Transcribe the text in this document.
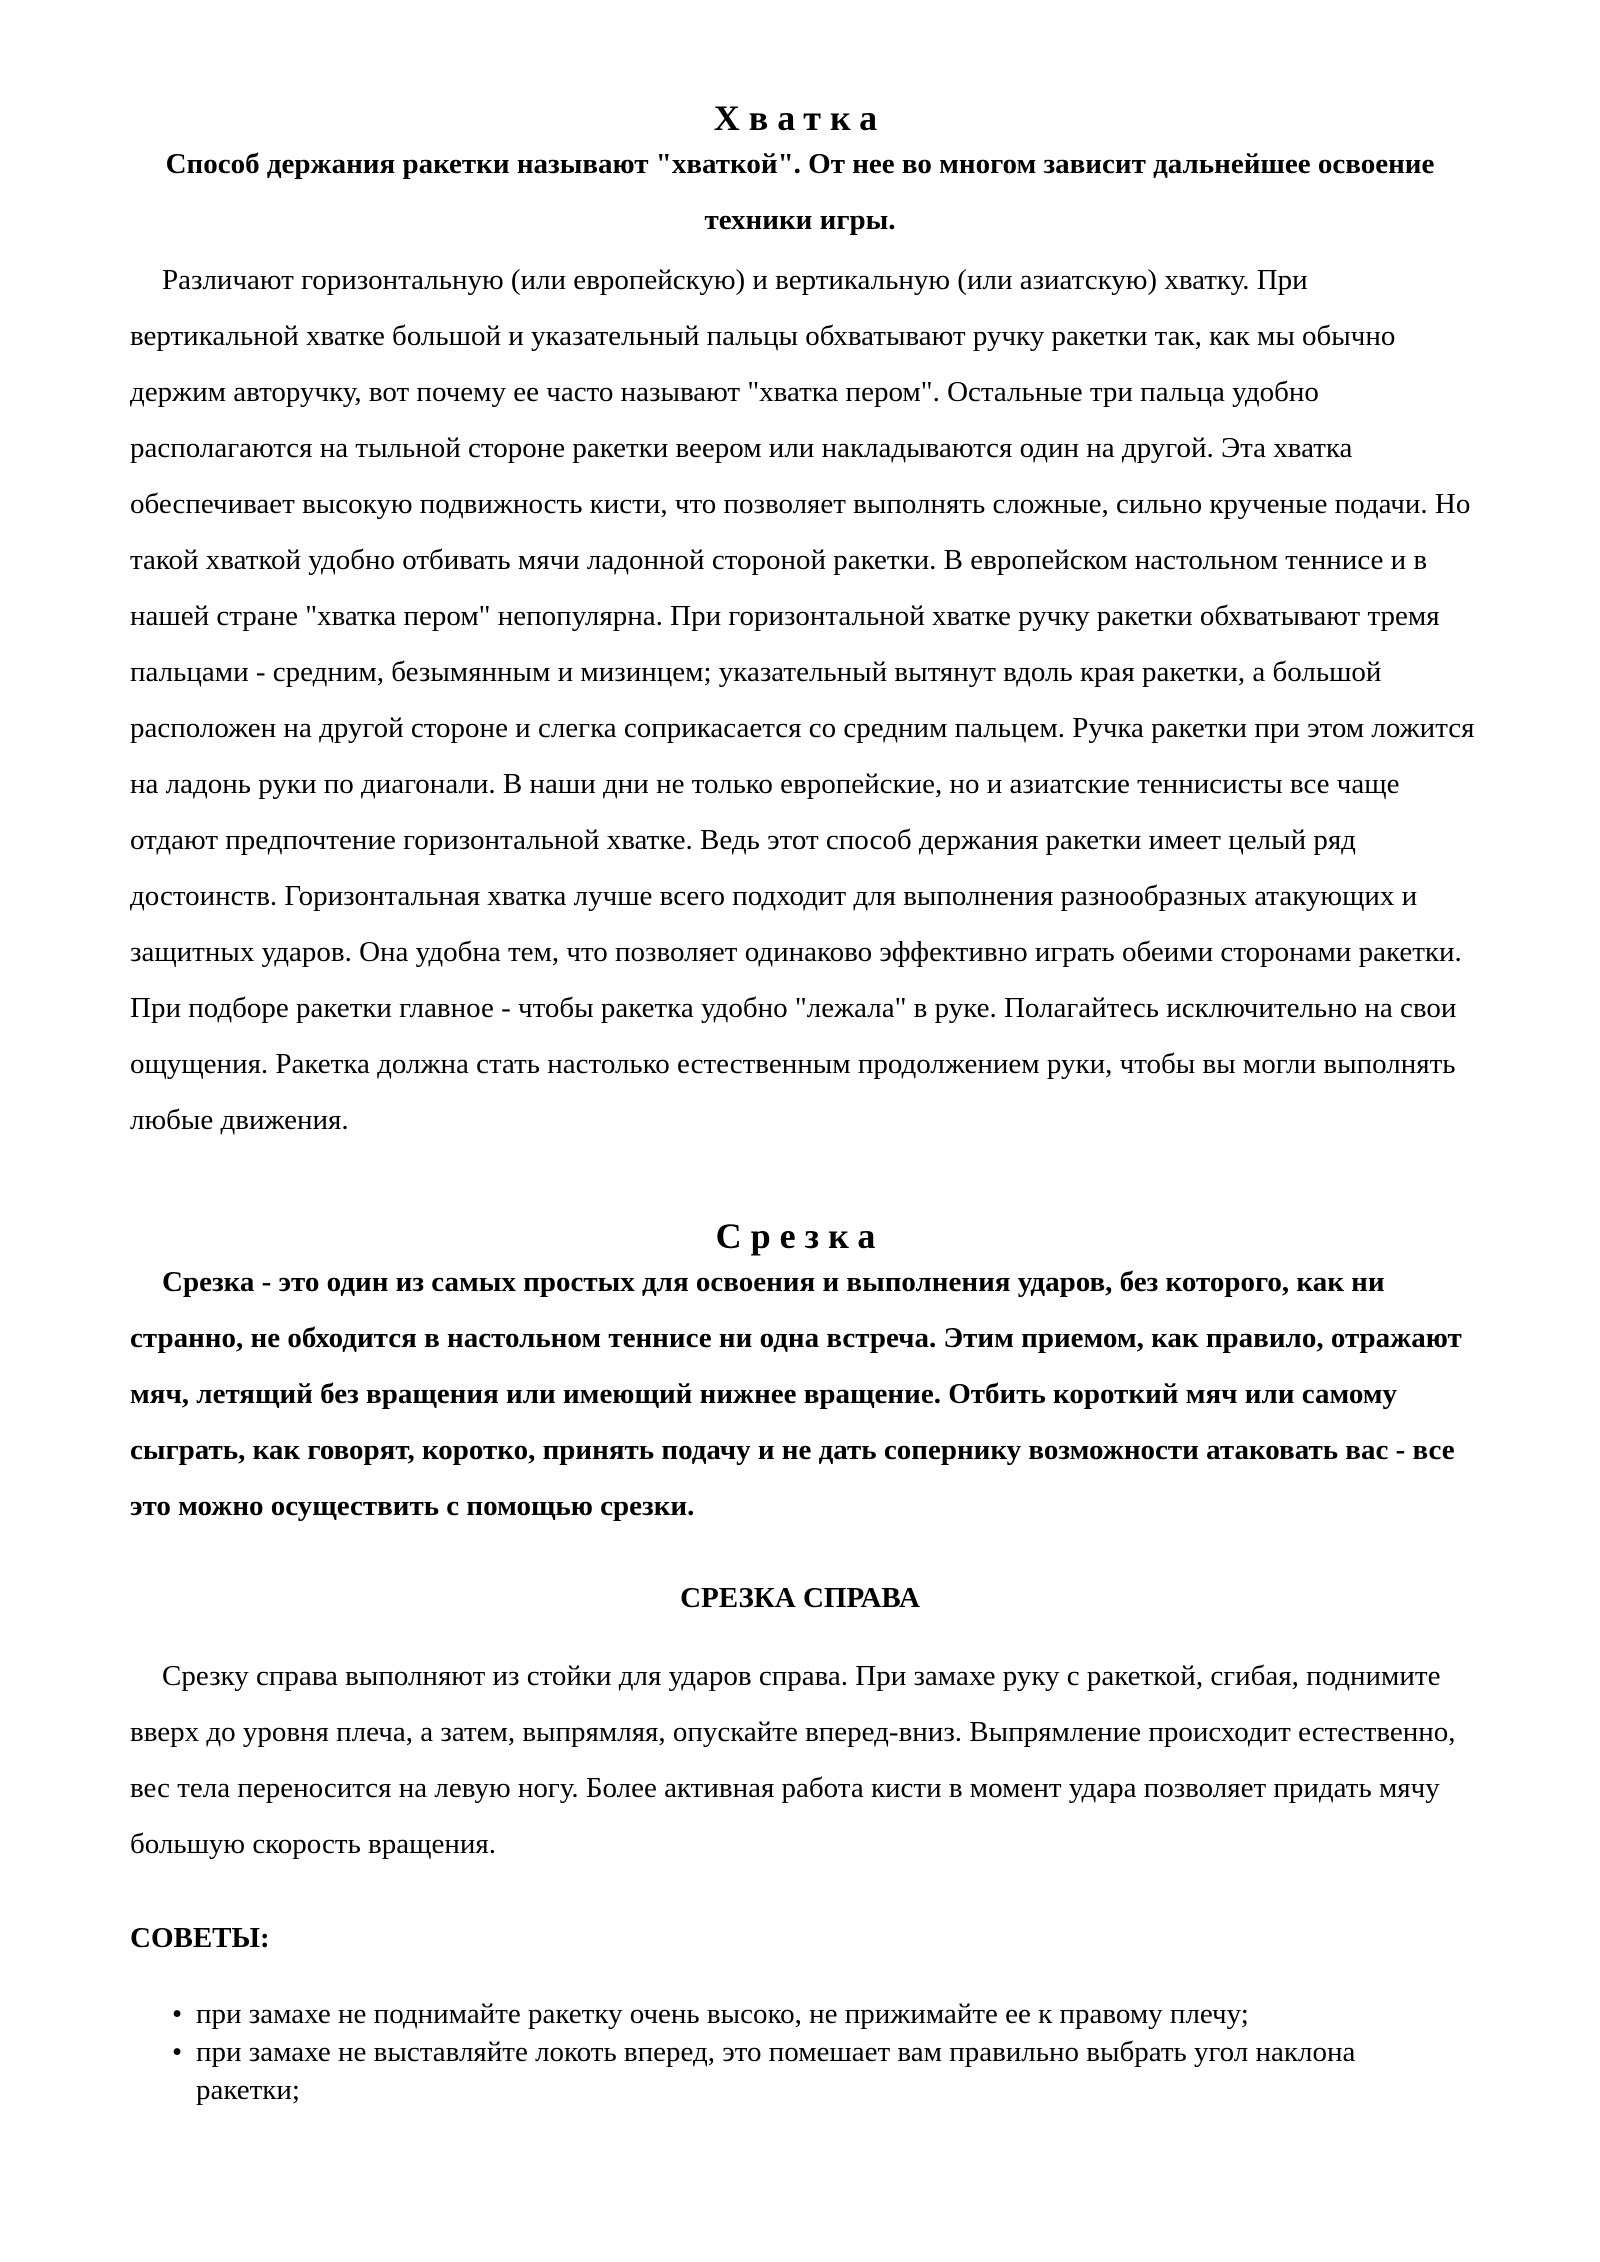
Хватка

Способ держания ракетки называют "хваткой". От нее во многом зависит дальнейшее освоение техники игры.

Различают горизонтальную (или европейскую) и вертикальную (или азиатскую) хватку. При вертикальной хватке большой и указательный пальцы обхватывают ручку ракетки так, как мы обычно держим авторучку, вот почему ее часто называют "хватка пером". Остальные три пальца удобно располагаются на тыльной стороне ракетки веером или накладываются один на другой. Эта хватка обеспечивает высокую подвижность кисти, что позволяет выполнять сложные, сильно крученые подачи. Но такой хваткой удобно отбивать мячи ладонной стороной ракетки. В европейском настольном теннисе и в нашей стране "хватка пером" непопулярна. При горизонтальной хватке ручку ракетки обхватывают тремя пальцами - средним, безымянным и мизинцем; указательный вытянут вдоль края ракетки, а большой расположен на другой стороне и слегка соприкасается со средним пальцем. Ручка ракетки при этом ложится на ладонь руки по диагонали. В наши дни не только европейские, но и азиатские теннисисты все чаще отдают предпочтение горизонтальной хватке. Ведь этот способ держания ракетки имеет целый ряд достоинств. Горизонтальная хватка лучше всего подходит для выполнения разнообразных атакующих и защитных ударов. Она удобна тем, что позволяет одинаково эффективно играть обеими сторонами ракетки. При подборе ракетки главное - чтобы ракетка удобно "лежала" в руке. Полагайтесь исключительно на свои ощущения. Ракетка должна стать настолько естественным продолжением руки, чтобы вы могли выполнять любые движения.

Срезка

Срезка - это один из самых простых для освоения и выполнения ударов, без которого, как ни странно, не обходится в настольном теннисе ни одна встреча. Этим приемом, как правило, отражают мяч, летящий без вращения или имеющий нижнее вращение. Отбить короткий мяч или самому сыграть, как говорят, коротко, принять подачу и не дать сопернику возможности атаковать вас - все это можно осуществить с помощью срезки.

СРЕЗКА СПРАВА

Срезку справа выполняют из стойки для ударов справа. При замахе руку с ракеткой, сгибая, поднимите вверх до уровня плеча, а затем, выпрямляя, опускайте вперед-вниз. Выпрямление происходит естественно, вес тела переносится на левую ногу. Более активная работа кисти в момент удара позволяет придать мячу большую скорость вращения.

СОВЕТЫ:
• при замахе не поднимайте ракетку очень высоко, не прижимайте ее к правому плечу;
• при замахе не выставляйте локоть вперед, это помешает вам правильно выбрать угол наклона ракетки;
